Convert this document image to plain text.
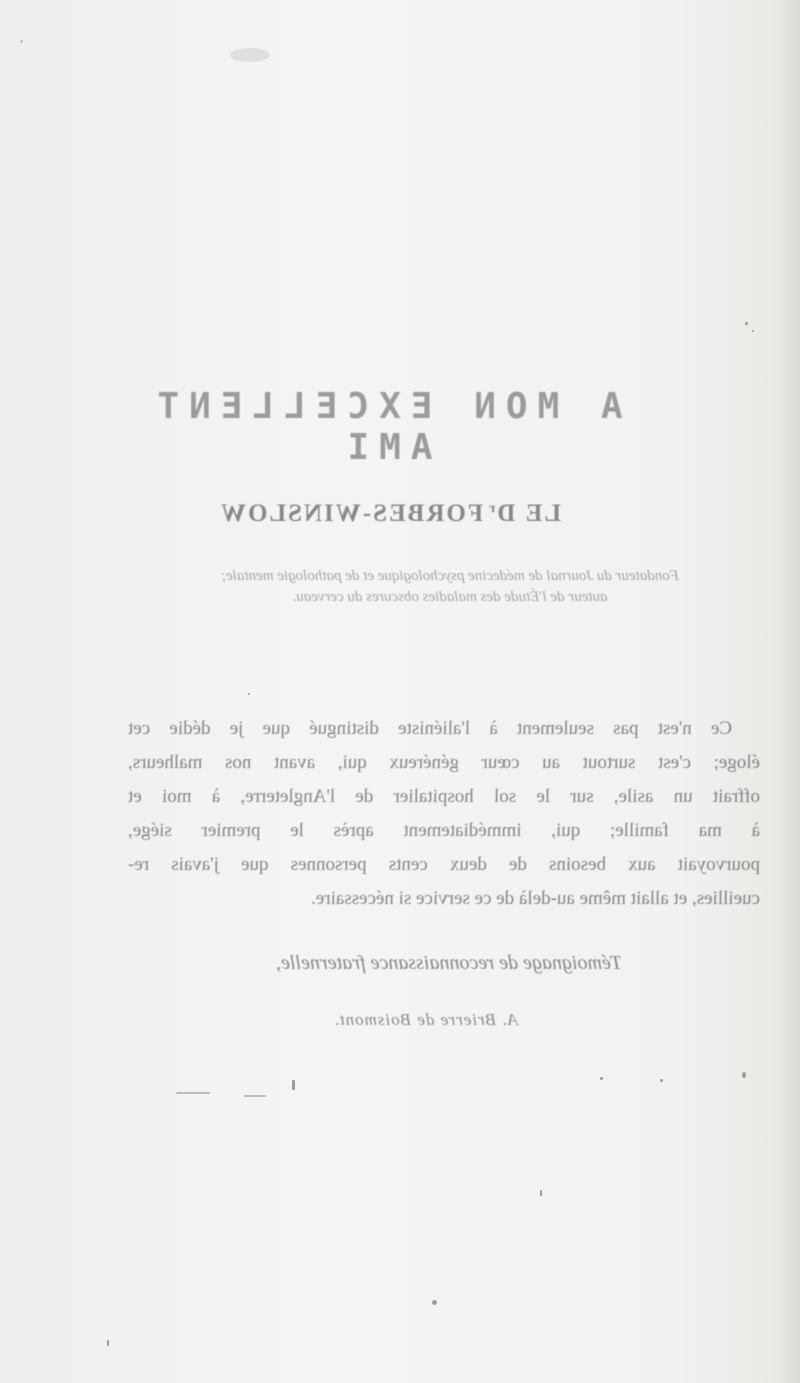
A MON EXCELLENT AMI
LE $D^rFORBES$-WINSLOW
Fondateur du Journal de médecine psychologique et de pathologie mentale;
auteur de l'Étude des maladies obscures du cerveau.
Ce n'est pas seulement à l'aliéniste distingué que je dédie cet
éloge; c'est surtout au cœur généreux qui, avant nos malheurs,
offrait un asile, sur le sol hospitalier de l'Angleterre, à moi et
à ma famille; qui, immédiatement après le premier siége,
pourvoyait aux besoins de deux cents personnes que j'avais re-
cueillies, et allait même au-delà de ce service si nécessaire.
Témoignage de reconnaissance fraternelle,
A. Brierre de Boismont.
